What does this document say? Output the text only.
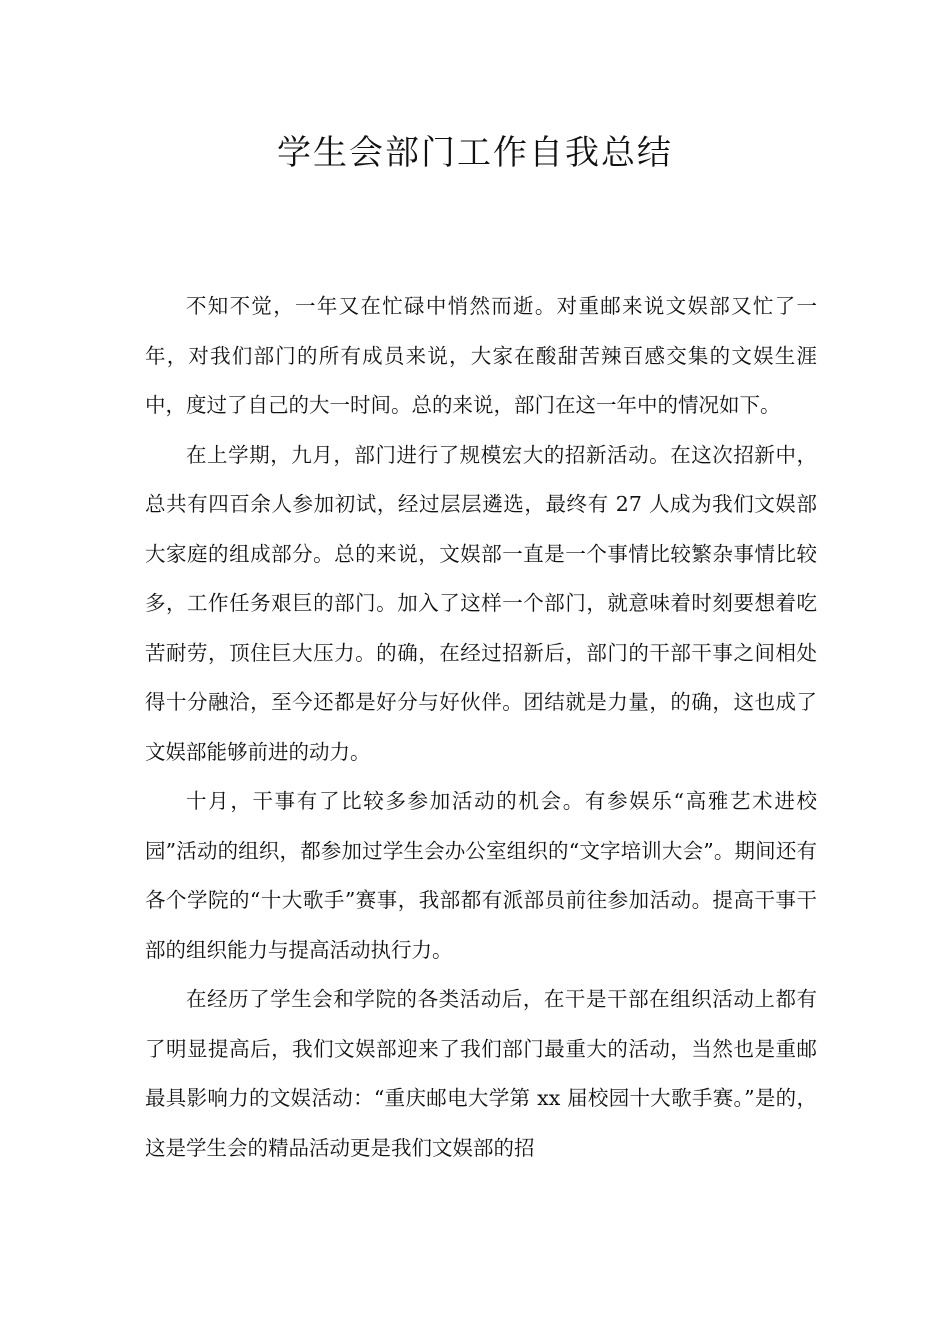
学生会部门工作自我总结

不知不觉，一年又在忙碌中悄然而逝。对重邮来说文娱部又忙了一年，对我们部门的所有成员来说，大家在酸甜苦辣百感交集的文娱生涯中，度过了自己的大一时间。总的来说，部门在这一年中的情况如下。

在上学期，九月，部门进行了规模宏大的招新活动。在这次招新中，总共有四百余人参加初试，经过层层遴选，最终有 27 人成为我们文娱部大家庭的组成部分。总的来说，文娱部一直是一个事情比较繁杂事情比较多，工作任务艰巨的部门。加入了这样一个部门，就意味着时刻要想着吃苦耐劳，顶住巨大压力。的确，在经过招新后，部门的干部干事之间相处得十分融洽，至今还都是好分与好伙伴。团结就是力量，的确，这也成了文娱部能够前进的动力。

十月，干事有了比较多参加活动的机会。有参娱乐“高雅艺术进校园”活动的组织，都参加过学生会办公室组织的“文字培训大会”。期间还有各个学院的“十大歌手”赛事，我部都有派部员前往参加活动。提高干事干部的组织能力与提高活动执行力。

在经历了学生会和学院的各类活动后，在干是干部在组织活动上都有了明显提高后，我们文娱部迎来了我们部门最重大的活动，当然也是重邮最具影响力的文娱活动：“重庆邮电大学第 xx 届校园十大歌手赛。”是的，这是学生会的精品活动更是我们文娱部的招
